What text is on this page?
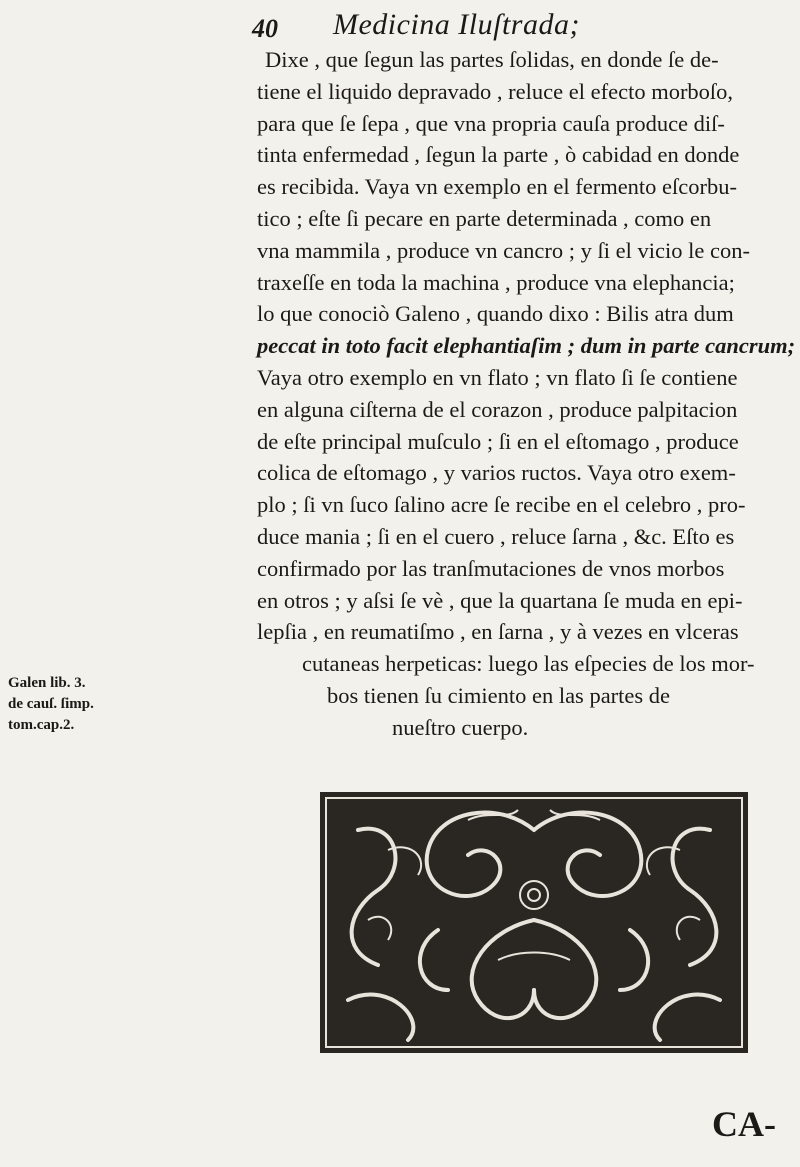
40 Medicina Iluſtrada;
Dixe , que ſegun las partes ſolidas, en donde ſe de-
tiene el liquido depravado , reluce el efecto morboſo,
para que ſe ſepa , que vna propria cauſa produce diſ-
tinta enfermedad , ſegun la parte , ò cabidad en donde
es recibida. Vaya vn exemplo en el fermento eſcorbu-
tico ; eſte ſi pecare en parte determinada , como en
vna mammila , produce vn cancro ; y ſi el vicio le con-
traxeſſe en toda la machina , produce vna elephancia;
lo que conociò Galeno , quando dixo : Bilis atra dum
peccat in toto facit elephantiaſim ; dum in parte cancrum;
Vaya otro exemplo en vn flato ; vn flato ſi ſe contiene
en alguna ciſterna de el corazon , produce palpitacion
de eſte principal muſculo ; ſi en el eſtomago , produce
colica de eſtomago , y varios ructos. Vaya otro exem-
plo ; ſi vn ſuco ſalino acre ſe recibe en el celebro , pro-
duce mania ; ſi en el cuero , reluce ſarna , &c. Eſto es
confirmado por las tranſmutaciones de vnos morbos
en otros ; y aſsi ſe vè , que la quartana ſe muda en epi-
lepſia , en reumatiſmo , en ſarna , y à vezes en vlceras
cutaneas herpeticas: luego las eſpecies de los mor-
bos tienen ſu cimiento en las partes de
nueſtro cuerpo.
Galen lib. 3.
de cauſ. ſimp.
tom.cap.2.
CA-
